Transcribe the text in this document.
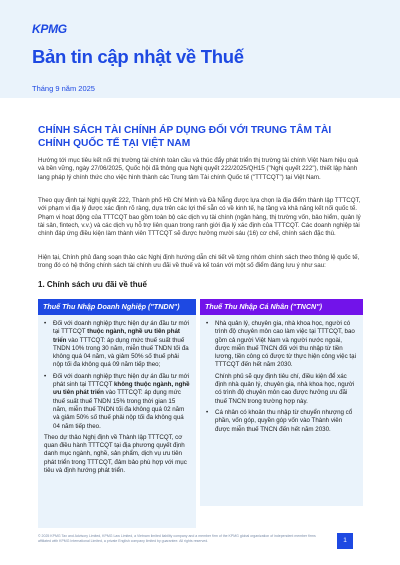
KPMG
Bản tin cập nhật về Thuế
Tháng 9 năm 2025
CHÍNH SÁCH TÀI CHÍNH ÁP DỤNG ĐỐI VỚI TRUNG TÂM TÀI CHÍNH QUỐC TẾ TẠI VIỆT NAM

Hướng tới mục tiêu kết nối thị trường tài chính toàn cầu và thúc đẩy phát triển thị trường tài chính Việt Nam hiệu quả và bền vững, ngày 27/06/2025, Quốc hội đã thông qua Nghị quyết 222/2025/QH15 ("Nghị quyết 222"), thiết lập hành lang pháp lý chính thức cho việc hình thành các Trung tâm Tài chính Quốc tế ("TTTCQT") tại Việt Nam.

Theo quy định tại Nghị quyết 222, Thành phố Hồ Chí Minh và Đà Nẵng được lựa chọn là địa điểm thành lập TTTCQT, với phạm vi địa lý được xác định rõ ràng, dựa trên các lợi thế sẵn có về kinh tế, hạ tầng và khả năng kết nối quốc tế. Phạm vi hoạt động của TTTCQT bao gồm toàn bộ các dịch vụ tài chính (ngân hàng, thị trường vốn, bảo hiểm, quản lý tài sản, fintech, v.v.) và các dịch vụ hỗ trợ liên quan trong ranh giới địa lý xác định của TTTCQT. Các doanh nghiệp tài chính đáp ứng điều kiện làm thành viên TTTCQT sẽ được hưởng mười sáu (16) cơ chế, chính sách đặc thù.

Hiện tại, Chính phủ đang soạn thảo các Nghị định hướng dẫn chi tiết về từng nhóm chính sách theo thông lệ quốc tế, trong đó có hệ thống chính sách tài chính ưu đãi về thuế và kế toán với một số điểm đáng lưu ý như sau:

1. Chính sách ưu đãi về thuế
Thuế Thu Nhập Doanh Nghiệp ("TNDN")	Thuế Thu Nhập Cá Nhân ("TNCN")
• Đối với doanh nghiệp thực hiện dự án đầu tư mới tại TTTCQT thuộc ngành, nghề ưu tiên phát triển vào TTTCQT: áp dụng mức thuế suất thuế TNDN 10% trong 30 năm, miễn thuế TNDN tối đa không quá 04 năm, và giảm 50% số thuế phải nộp tối đa không quá 09 năm tiếp theo;
• Đối với doanh nghiệp thực hiện dự án đầu tư mới phát sinh tại TTTCQT không thuộc ngành, nghề ưu tiên phát triển vào TTTCQT: áp dụng mức thuế suất thuế TNDN 15% trong thời gian 15 năm, miễn thuế TNDN tối đa không quá 02 năm và giảm 50% số thuế phải nộp tối đa không quá 04 năm tiếp theo.

Theo dự thảo Nghị định về Thành lập TTTCQT, cơ quan điều hành TTTCQT tại địa phương quyết định danh mục ngành, nghề, sản phẩm, dịch vụ ưu tiên phát triển trong TTTCQT, đảm bảo phù hợp với mục tiêu và định hướng phát triển.

• Nhà quản lý, chuyên gia, nhà khoa học, người có trình độ chuyên môn cao làm việc tại TTTCQT, bao gồm cả người Việt Nam và người nước ngoài, được miễn thuế TNCN đối với thu nhập từ tiền lương, tiền công có được từ thực hiện công việc tại TTTCQT đến hết năm 2030.

Chính phủ sẽ quy định tiêu chí, điều kiện để xác định nhà quản lý, chuyên gia, nhà khoa học, người có trình độ chuyên môn cao được hưởng ưu đãi thuế TNCN trong trường hợp này.

• Cá nhân có khoản thu nhập từ chuyển nhượng cổ phần, vốn góp, quyền góp vốn vào Thành viên được miễn thuế TNCN đến hết năm 2030.
© 2025 KPMG Tax and Advisory Limited, KPMG Law Limited, a Vietnam limited liability company and a member firm of the KPMG global organization of independent member firms affiliated with KPMG International Limited, a private English company limited by guarantee. All rights reserved.	1
